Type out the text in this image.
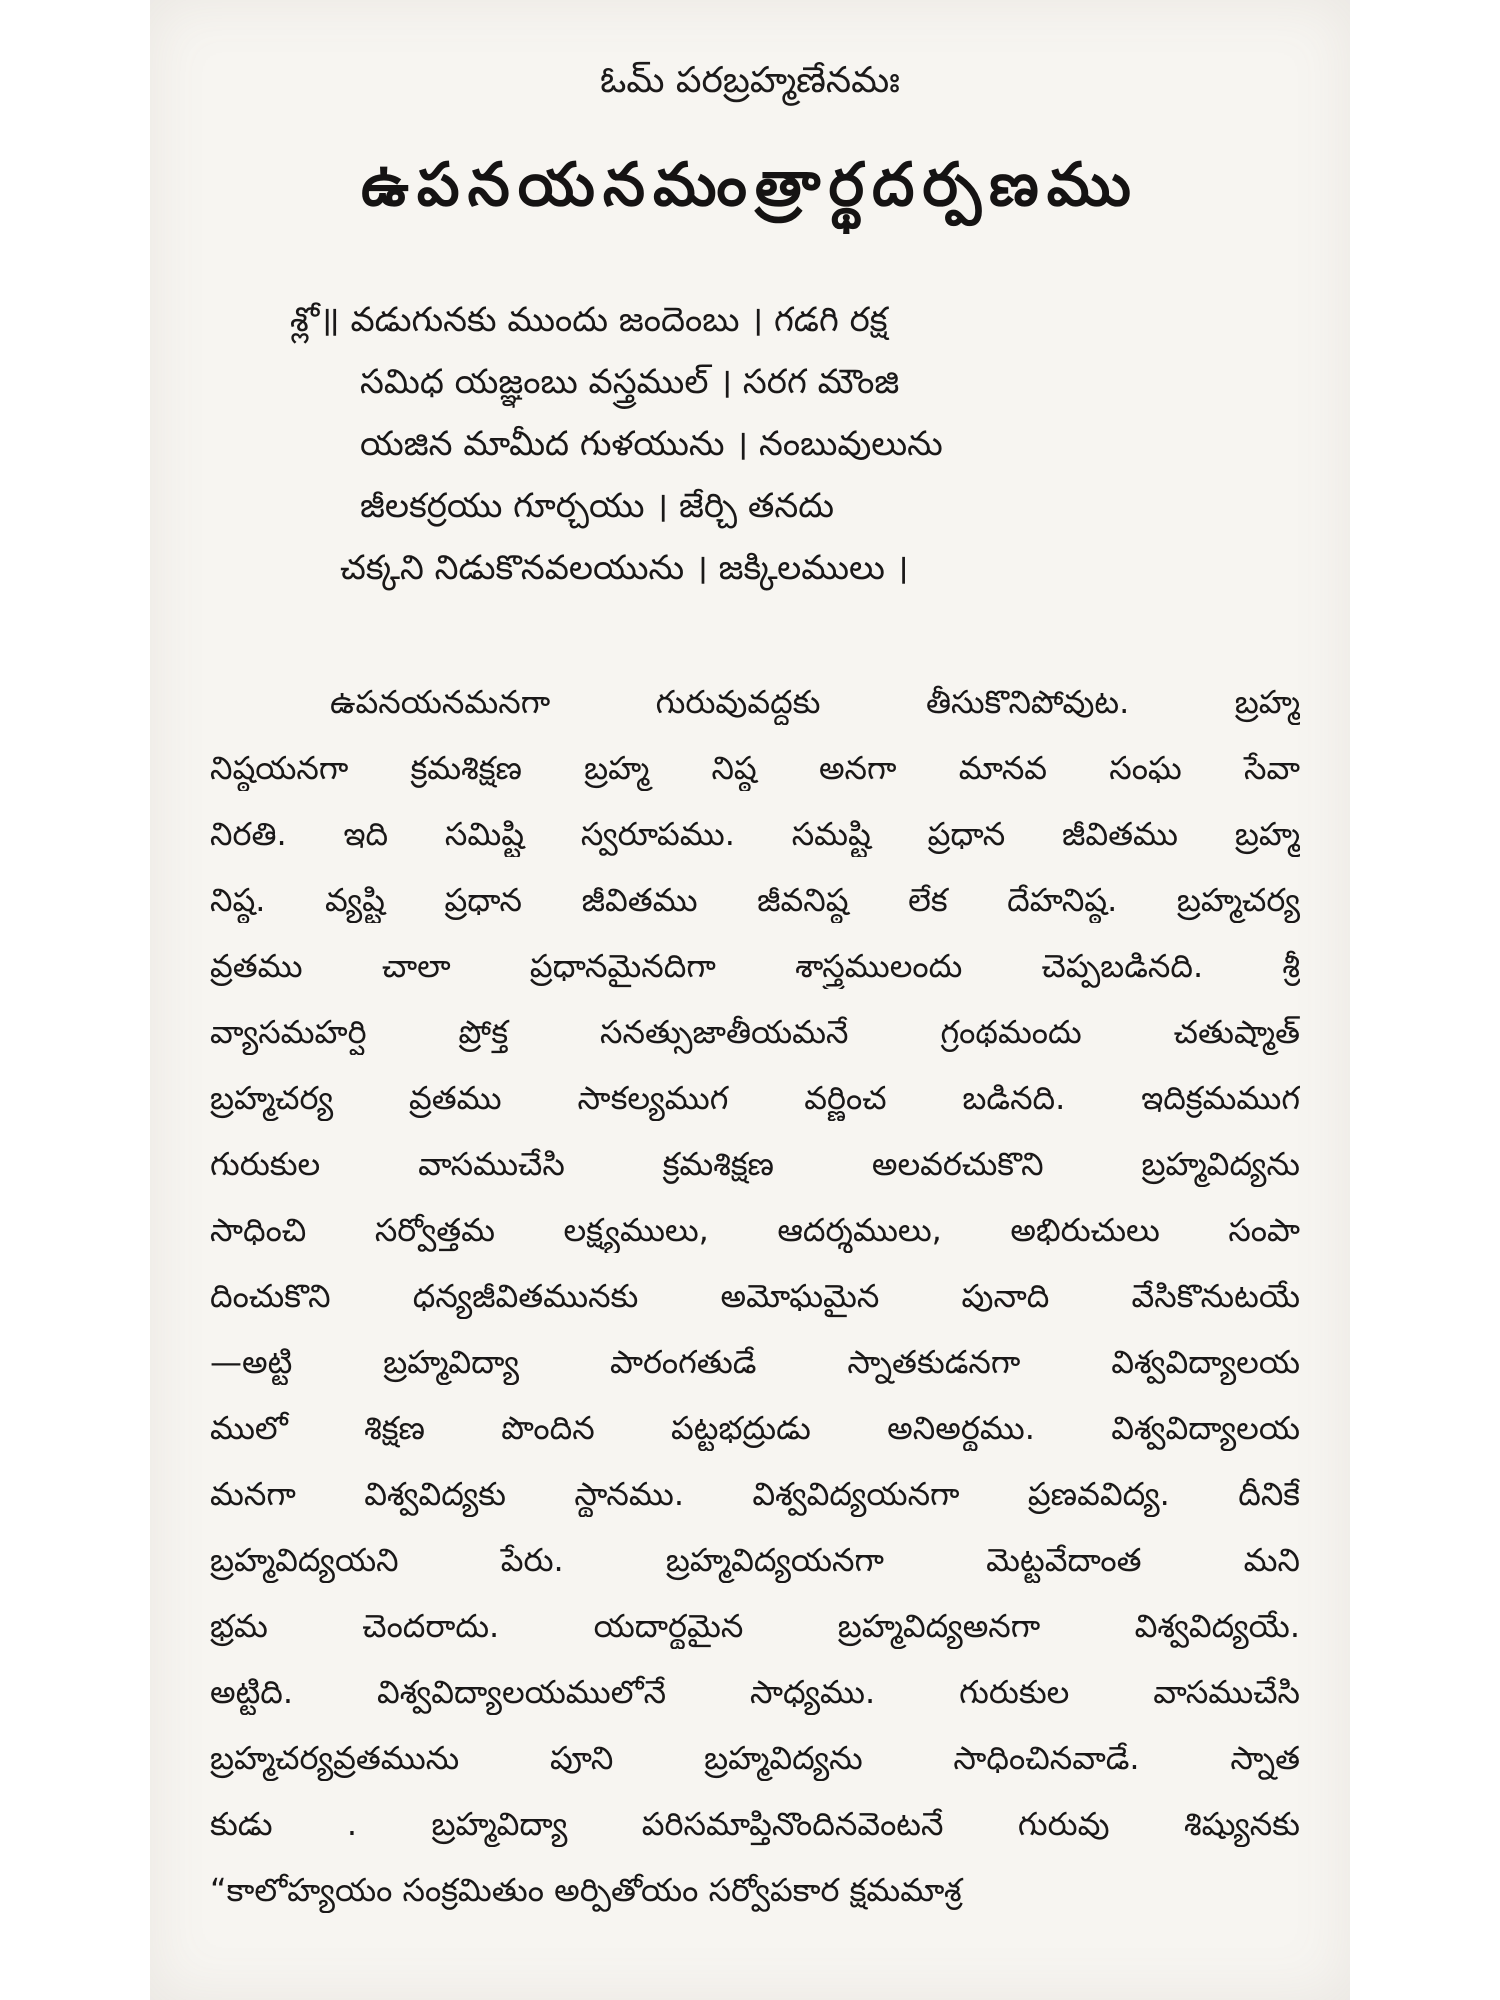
ఓమ్ పరబ్రహ్మణేనమః
ఉపనయనమంత్రార్థదర్పణము
శ్లో॥ వడుగునకు ముందు జందెంబు । గడగి రక్ష
సమిధ యజ్ఞంబు వస్త్రముల్ । సరగ మౌంజి
యజిన మామీద గుళయును । నంబువులును
జీలకర్రయు గూర్చయు । జేర్చి తనదు
చక్కని నిడుకొనవలయును । జక్కిలములు ।
ఉపనయనమనగా గురువువద్దకు తీసుకొనిపోవుట. బ్రహ్మ
నిష్ఠయనగా క్రమశిక్షణ బ్రహ్మ నిష్ఠ అనగా మానవ సంఘ సేవా
నిరతి. ఇది సమిష్టి స్వరూపము. సమష్టి ప్రధాన జీవితము బ్రహ్మ
నిష్ఠ. వ్యష్టి ప్రధాన జీవితము జీవనిష్ఠ లేక దేహనిష్ఠ. బ్రహ్మచర్య
వ్రతము చాలా ప్రధానమైనదిగా శాస్త్రములందు చెప్పబడినది. శ్రీ
వ్యాసమహర్షి ప్రోక్త సనత్సుజాతీయమనే గ్రంథమందు చతుష్మాత్
బ్రహ్మచర్య వ్రతము సాకల్యముగ వర్ణించ బడినది. ఇదిక్రమముగ
గురుకుల వాసముచేసి క్రమశిక్షణ అలవరచుకొని బ్రహ్మవిద్యను
సాధించి సర్వోత్తమ లక్ష్యములు, ఆదర్శములు, అభిరుచులు సంపా
దించుకొని ధన్యజీవితమునకు అమోఘమైన పునాది వేసికొనుటయే
—అట్టి బ్రహ్మవిద్యా పారంగతుడే స్నాతకుడనగా విశ్వవిద్యాలయ
ములో శిక్షణ పొందిన పట్టభద్రుడు అనిఅర్థము. విశ్వవిద్యాలయ
మనగా విశ్వవిద్యకు స్థానము. విశ్వవిద్యయనగా ప్రణవవిద్య. దీనికే
బ్రహ్మవిద్యయని పేరు. బ్రహ్మవిద్యయనగా మెట్టవేదాంత మని
భ్రమ చెందరాదు. యదార్థమైన బ్రహ్మవిద్యఅనగా విశ్వవిద్యయే.
అట్టిది. విశ్వవిద్యాలయములోనే సాధ్యము. గురుకుల వాసముచేసి
బ్రహ్మచర్యవ్రతమును పూని బ్రహ్మవిద్యను సాధించినవాడే. స్నాత
కుడు . బ్రహ్మవిద్యా పరిసమాప్తినొందినవెంటనే గురువు శిష్యునకు
“కాలోహ్యయం సంక్రమితుం అర్పితోయం సర్వోపకార క్షమమాశ్ర
